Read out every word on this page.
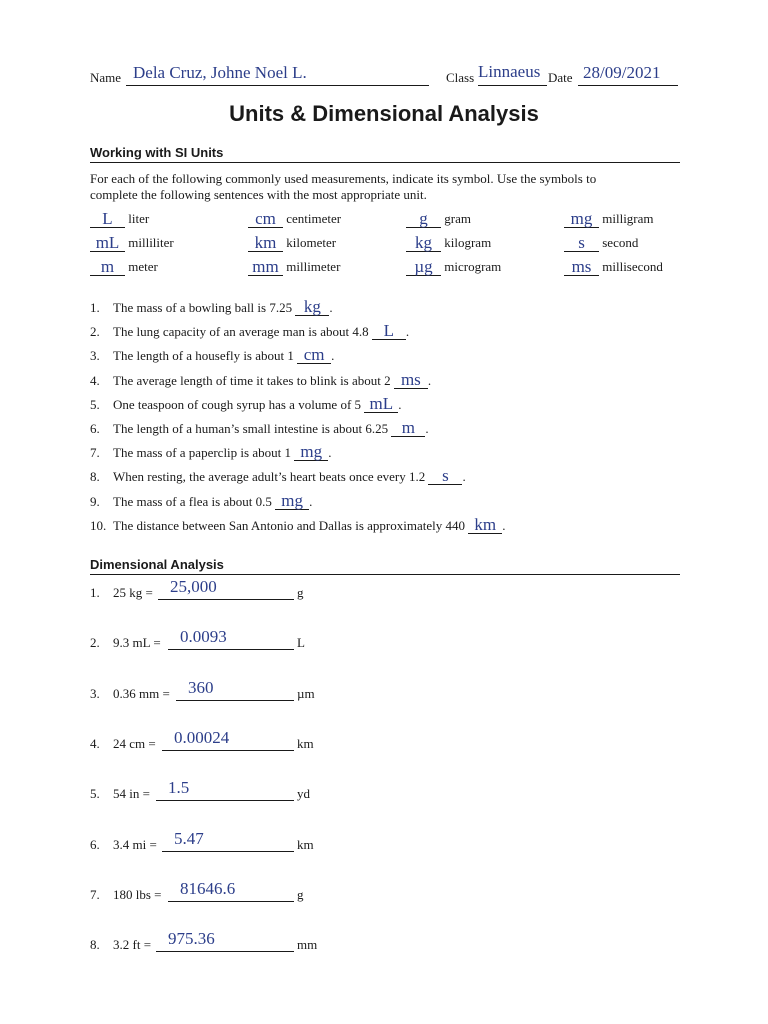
Name Dela Cruz, Johne Noel L.	Class Linnaeus Date 28/09/2021
Units & Dimensional Analysis
Working with SI Units
For each of the following commonly used measurements, indicate its symbol. Use the symbols to
complete the following sentences with the most appropriate unit.
L liter	cm centimeter	g	gram	mg milligram
mL milliliter	km kilometer	kg kilogram	s	second
m meter	mm millimeter	µg microgram	ms millisecond
1. The mass of a bowling ball is 7.25 kg .
2. The lung capacity of an average man is about 4.8 L .
3. The length of a housefly is about 1 cm .
4. The average length of time it takes to blink is about 2 ms .
5. One teaspoon of cough syrup has a volume of 5 mL .
6. The length of a human’s small intestine is about 6.25 m .
7. The mass of a paperclip is about 1 mg .
8. When resting, the average adult’s heart beats once every 1.2 s	.
9. The mass of a flea is about 0.5 mg .
10. The distance between San Antonio and Dallas is approximately 440 km .
Dimensional Analysis
1. 25 kg = 25,000	g
2. 9.3 mL = 0.0093	L
3. 0.36 mm = 360	µm
4. 24 cm = 0.00024	km
5. 54 in = 1.5	yd
6. 3.4 mi = 5.47	km
7. 180 lbs = 81646.6	g
8. 3.2 ft = 975.36	mm
